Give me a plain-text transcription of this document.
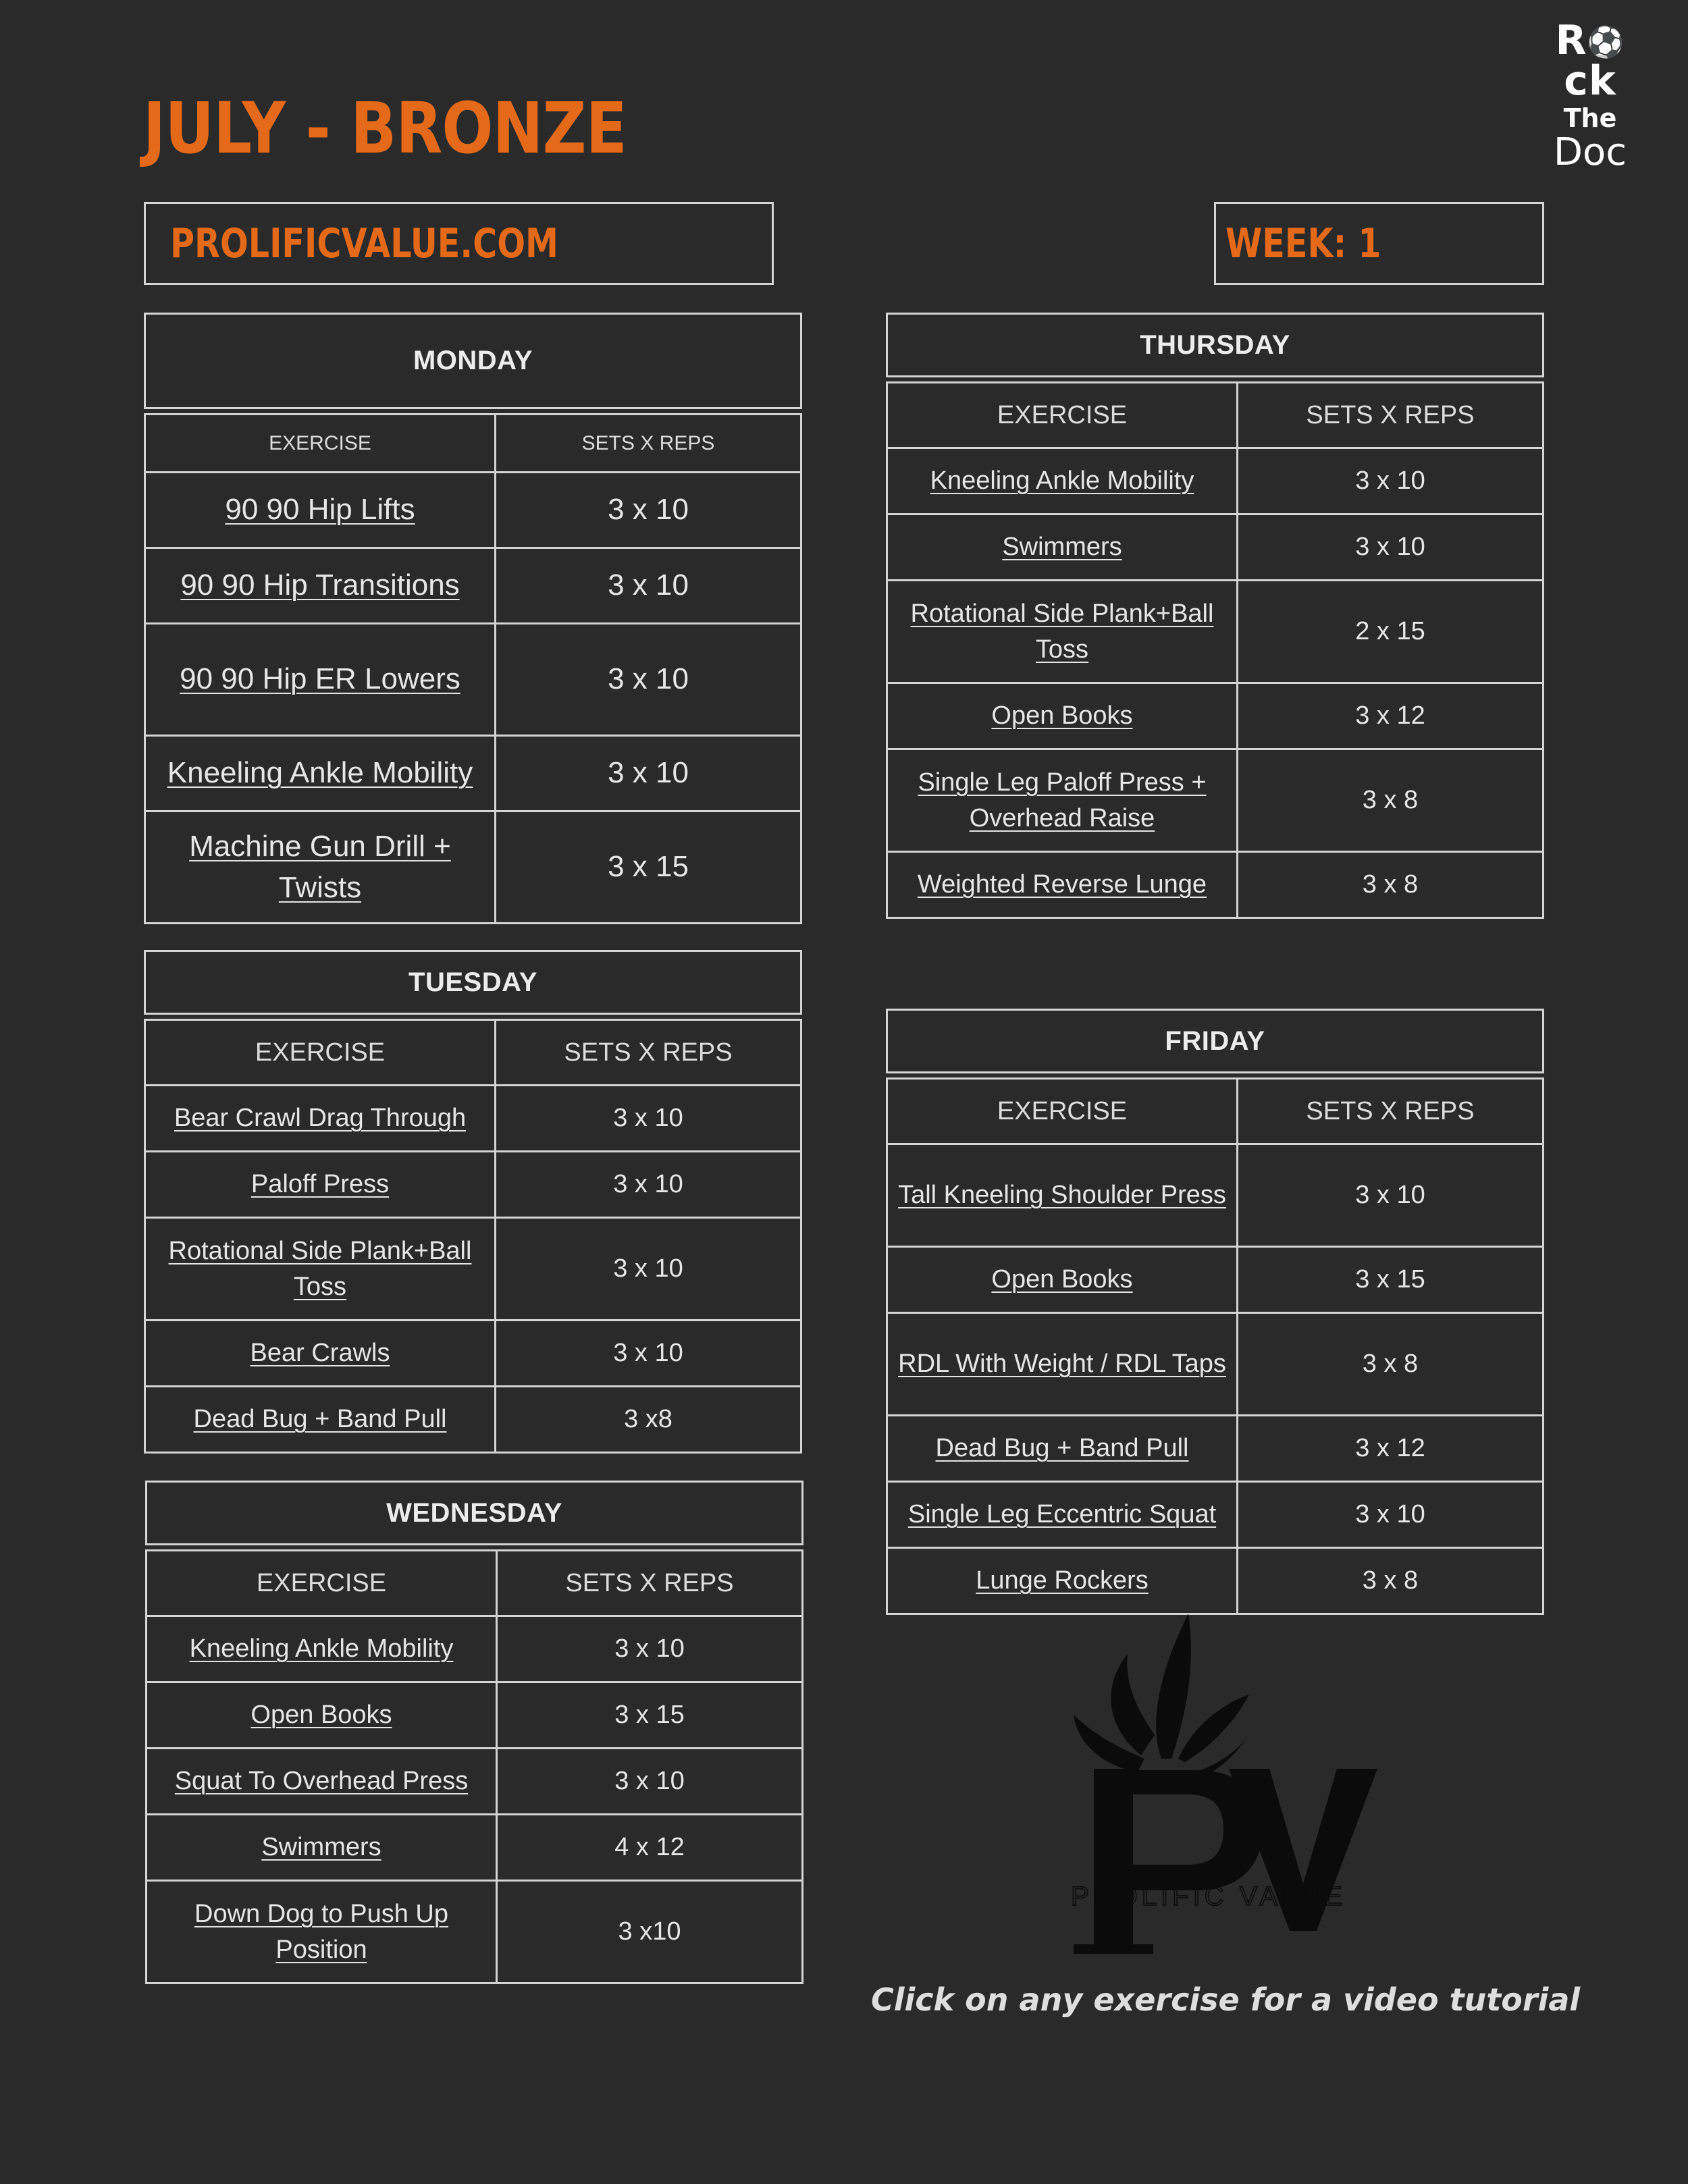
JULY - BRONZE
PROLIFICVALUE.COM	WEEK: 1
R⚽ck
The
Doc
MONDAY
EXERCISE	SETS X REPS
90 90 Hip Lifts	3 x 10
90 90 Hip Transitions	3 x 10
90 90 Hip ER Lowers	3 x 10
Kneeling Ankle Mobility	3 x 10
Machine Gun Drill + Twists	3 x 15
TUESDAY
EXERCISE	SETS X REPS
Bear Crawl Drag Through	3 x 10
Paloff Press	3 x 10
Rotational Side Plank+Ball Toss	3 x 10
Bear Crawls	3 x 10
Dead Bug + Band Pull	3 x8
WEDNESDAY
EXERCISE	SETS X REPS
Kneeling Ankle Mobility	3 x 10
Open Books	3 x 15
Squat To Overhead Press	3 x 10
Swimmers	4 x 12
Down Dog to Push Up Position	3 x10
THURSDAY
EXERCISE	SETS X REPS
Kneeling Ankle Mobility	3 x 10
Swimmers	3 x 10
Rotational Side Plank+Ball Toss	2 x 15
Open Books	3 x 12
Single Leg Paloff Press + Overhead Raise	3 x 8
Weighted Reverse Lunge	3 x 8
FRIDAY
EXERCISE	SETS X REPS
Tall Kneeling Shoulder Press	3 x 10
Open Books	3 x 15
RDL With Weight / RDL Taps	3 x 8
Dead Bug + Band Pull	3 x 12
Single Leg Eccentric Squat	3 x 10
Lunge Rockers	3 x 8
PROLIFIC VALUE
Click on any exercise for a video tutorial
